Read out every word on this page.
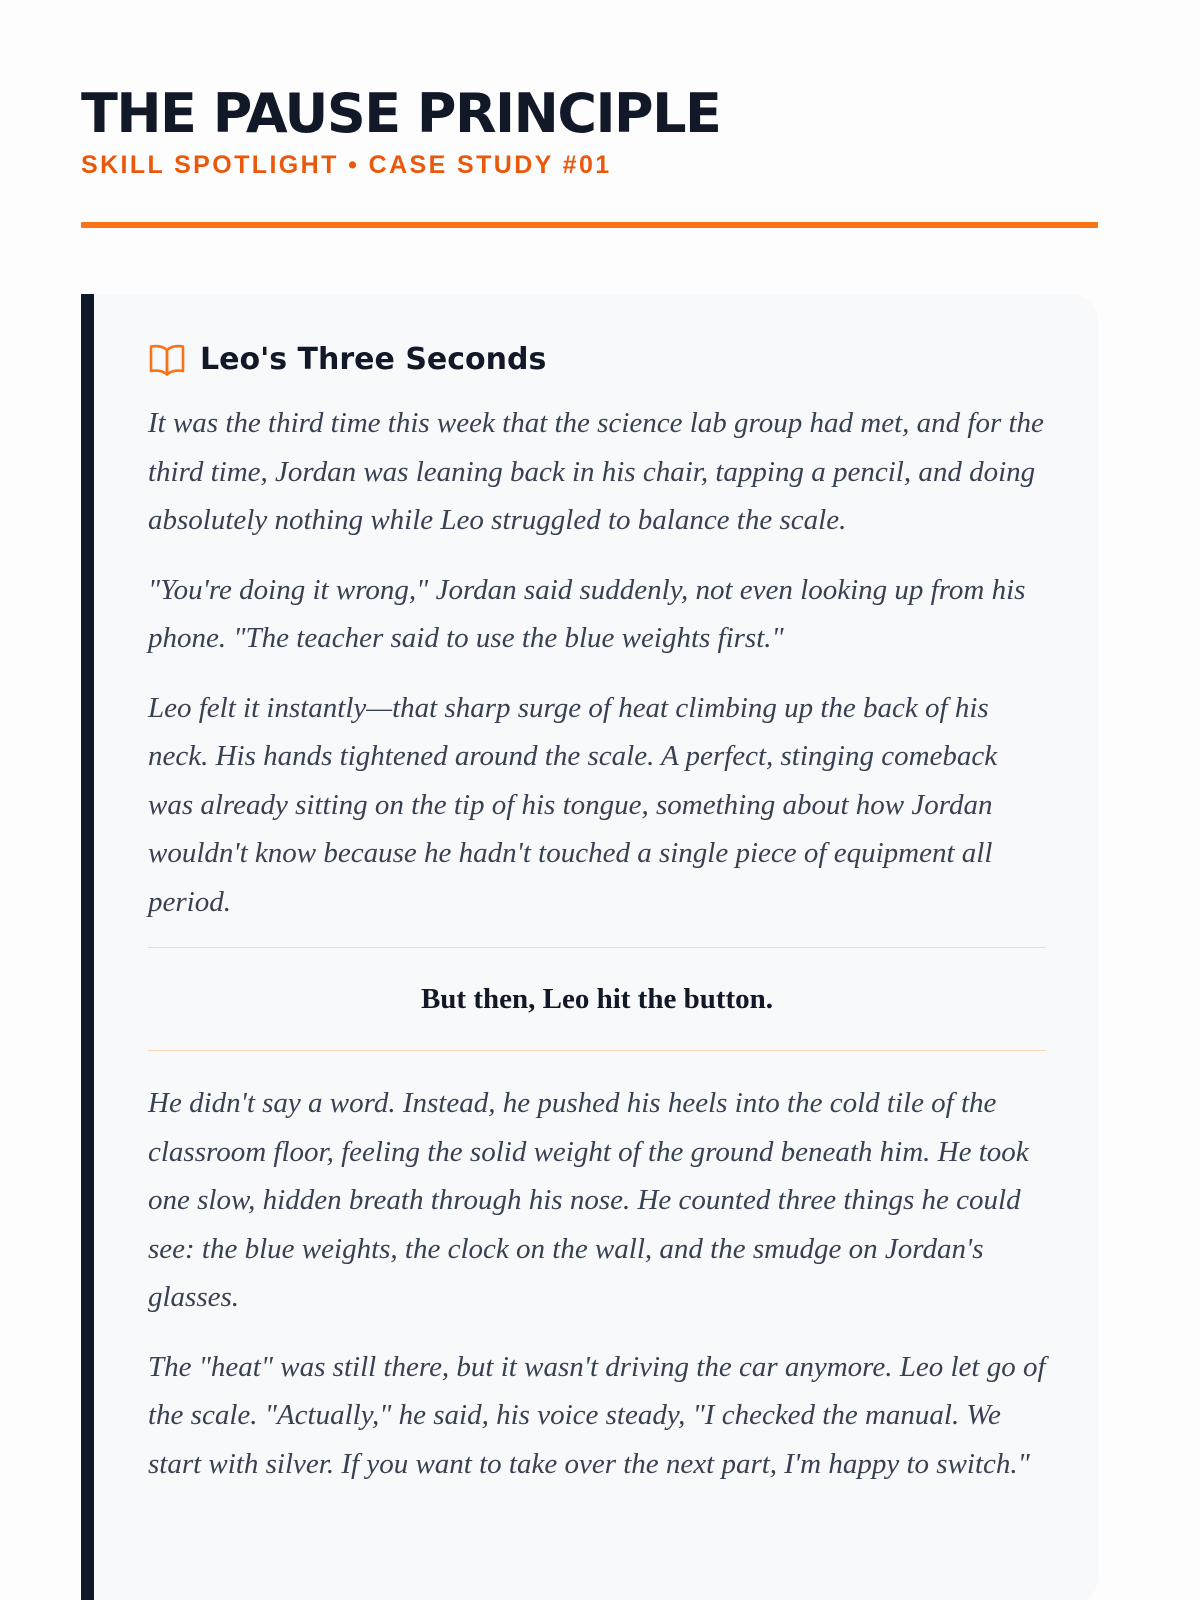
THE PAUSE PRINCIPLE
SKILL SPOTLIGHT • CASE STUDY #01
Leo's Three Seconds

It was the third time this week that the science lab group had met, and for the third time, Jordan was leaning back in his chair, tapping a pencil, and doing absolutely nothing while Leo struggled to balance the scale.

"You're doing it wrong," Jordan said suddenly, not even looking up from his phone. "The teacher said to use the blue weights first."

Leo felt it instantly—that sharp surge of heat climbing up the back of his neck. His hands tightened around the scale. A perfect, stinging comeback was already sitting on the tip of his tongue, something about how Jordan wouldn't know because he hadn't touched a single piece of equipment all period.

But then, Leo hit the button.

He didn't say a word. Instead, he pushed his heels into the cold tile of the classroom floor, feeling the solid weight of the ground beneath him. He took one slow, hidden breath through his nose. He counted three things he could see: the blue weights, the clock on the wall, and the smudge on Jordan's glasses.

The "heat" was still there, but it wasn't driving the car anymore. Leo let go of the scale. "Actually," he said, his voice steady, "I checked the manual. We start with silver. If you want to take over the next part, I'm happy to switch."
